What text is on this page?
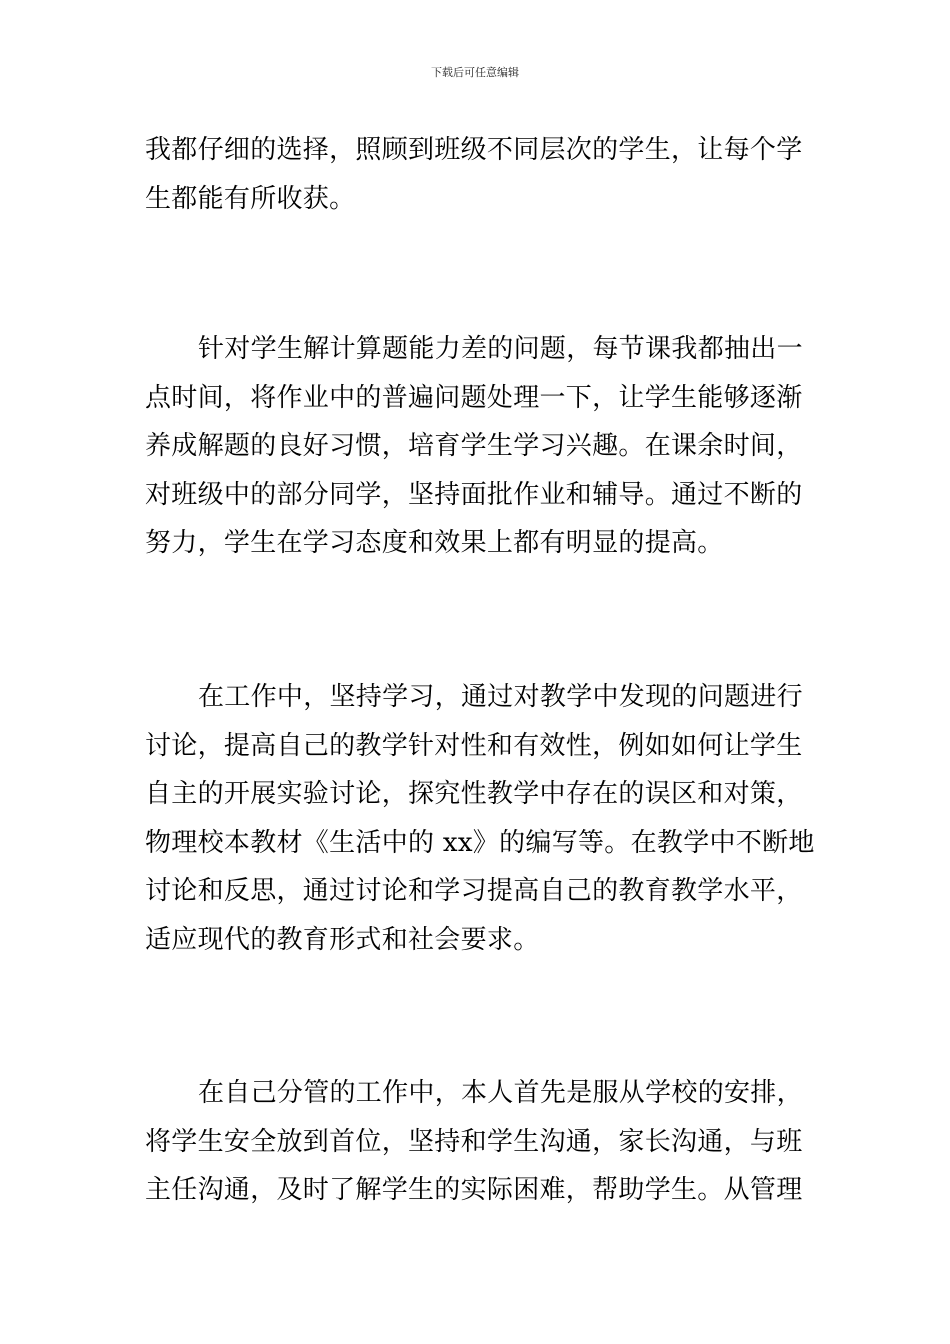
下载后可任意编辑
我都仔细的选择，照顾到班级不同层次的学生，让每个学
生都能有所收获。
针对学生解计算题能力差的问题，每节课我都抽出一
点时间，将作业中的普遍问题处理一下，让学生能够逐渐
养成解题的良好习惯，培育学生学习兴趣。在课余时间，
对班级中的部分同学，坚持面批作业和辅导。通过不断的
努力，学生在学习态度和效果上都有明显的提高。
在工作中，坚持学习，通过对教学中发现的问题进行
讨论，提高自己的教学针对性和有效性，例如如何让学生
自主的开展实验讨论，探究性教学中存在的误区和对策，
物理校本教材《生活中的 xx》的编写等。在教学中不断地
讨论和反思，通过讨论和学习提高自己的教育教学水平，
适应现代的教育形式和社会要求。
在自己分管的工作中，本人首先是服从学校的安排，
将学生安全放到首位，坚持和学生沟通，家长沟通，与班
主任沟通，及时了解学生的实际困难，帮助学生。从管理
